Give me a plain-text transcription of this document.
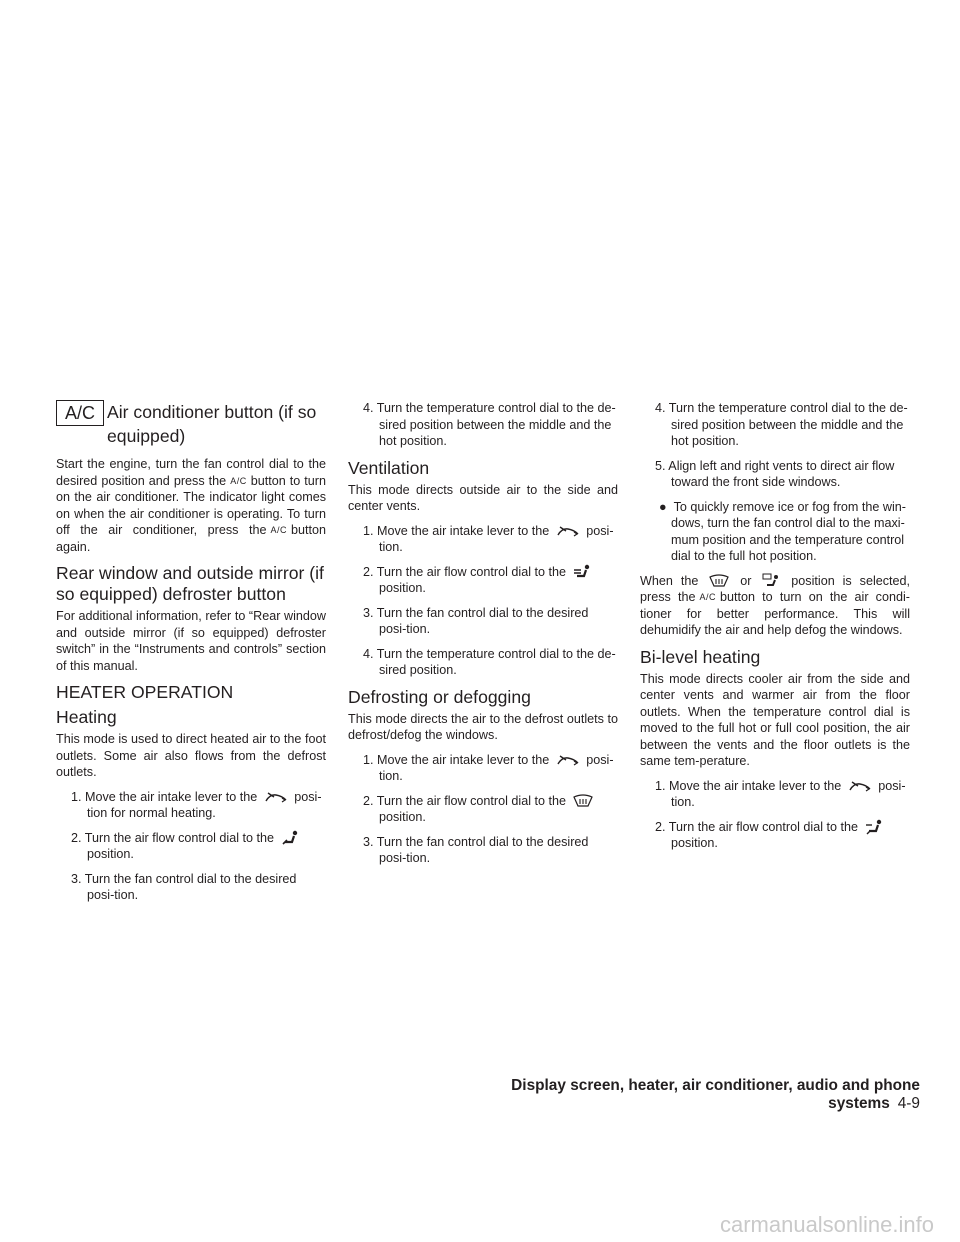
A/C Air conditioner button (if so equipped)

Start the engine, turn the fan control dial to the desired position and press the A/C button to turn on the air conditioner. The indicator light comes on when the air conditioner is operating. To turn off the air conditioner, press the A/C button again.

Rear window and outside mirror (if so equipped) defroster button

For additional information, refer to “Rear window and outside mirror (if so equipped) defroster switch” in the “Instruments and controls” section of this manual.

HEATER OPERATION
Heating

This mode is used to direct heated air to the foot outlets. Some air also flows from the defrost outlets.

1. Move the air intake lever to the	posi-tion for normal heating.

2. Turn the air flow control dial to the  position.

3. Turn the fan control dial to the desired posi-tion.

4. Turn the temperature control dial to the de-sired position between the middle and the hot position.

Ventilation

This mode directs outside air to the side and center vents.

1. Move the air intake lever to the	posi-tion.

2. Turn the air flow control dial to the  position.

3. Turn the fan control dial to the desired posi-tion.

4. Turn the temperature control dial to the de-sired position.

Defrosting or defogging

This mode directs the air to the defrost outlets to defrost/defog the windows.

1. Move the air intake lever to the	posi-tion.

2. Turn the air flow control dial to the  position.

3. Turn the fan control dial to the desired posi-tion.

4. Turn the temperature control dial to the de-sired position between the middle and the hot position.

5. Align left and right vents to direct air flow toward the front side windows.

● To quickly remove ice or fog from the win-dows, turn the fan control dial to the maxi-mum position and the temperature control dial to the full hot position.

When the	or	position is selected, press the A/C button to turn on the air condi-tioner for better performance. This will dehumidify the air and help defog the windows.

Bi-level heating

This mode directs cooler air from the side and center vents and warmer air from the floor outlets. When the temperature control dial is moved to the full hot or full cool position, the air between the vents and the floor outlets is the same tem-perature.

1. Move the air intake lever to the	posi-tion.

2. Turn the air flow control dial to the  position.

Display screen, heater, air conditioner, audio and phone systems 4-9
carmanualsonline.info
